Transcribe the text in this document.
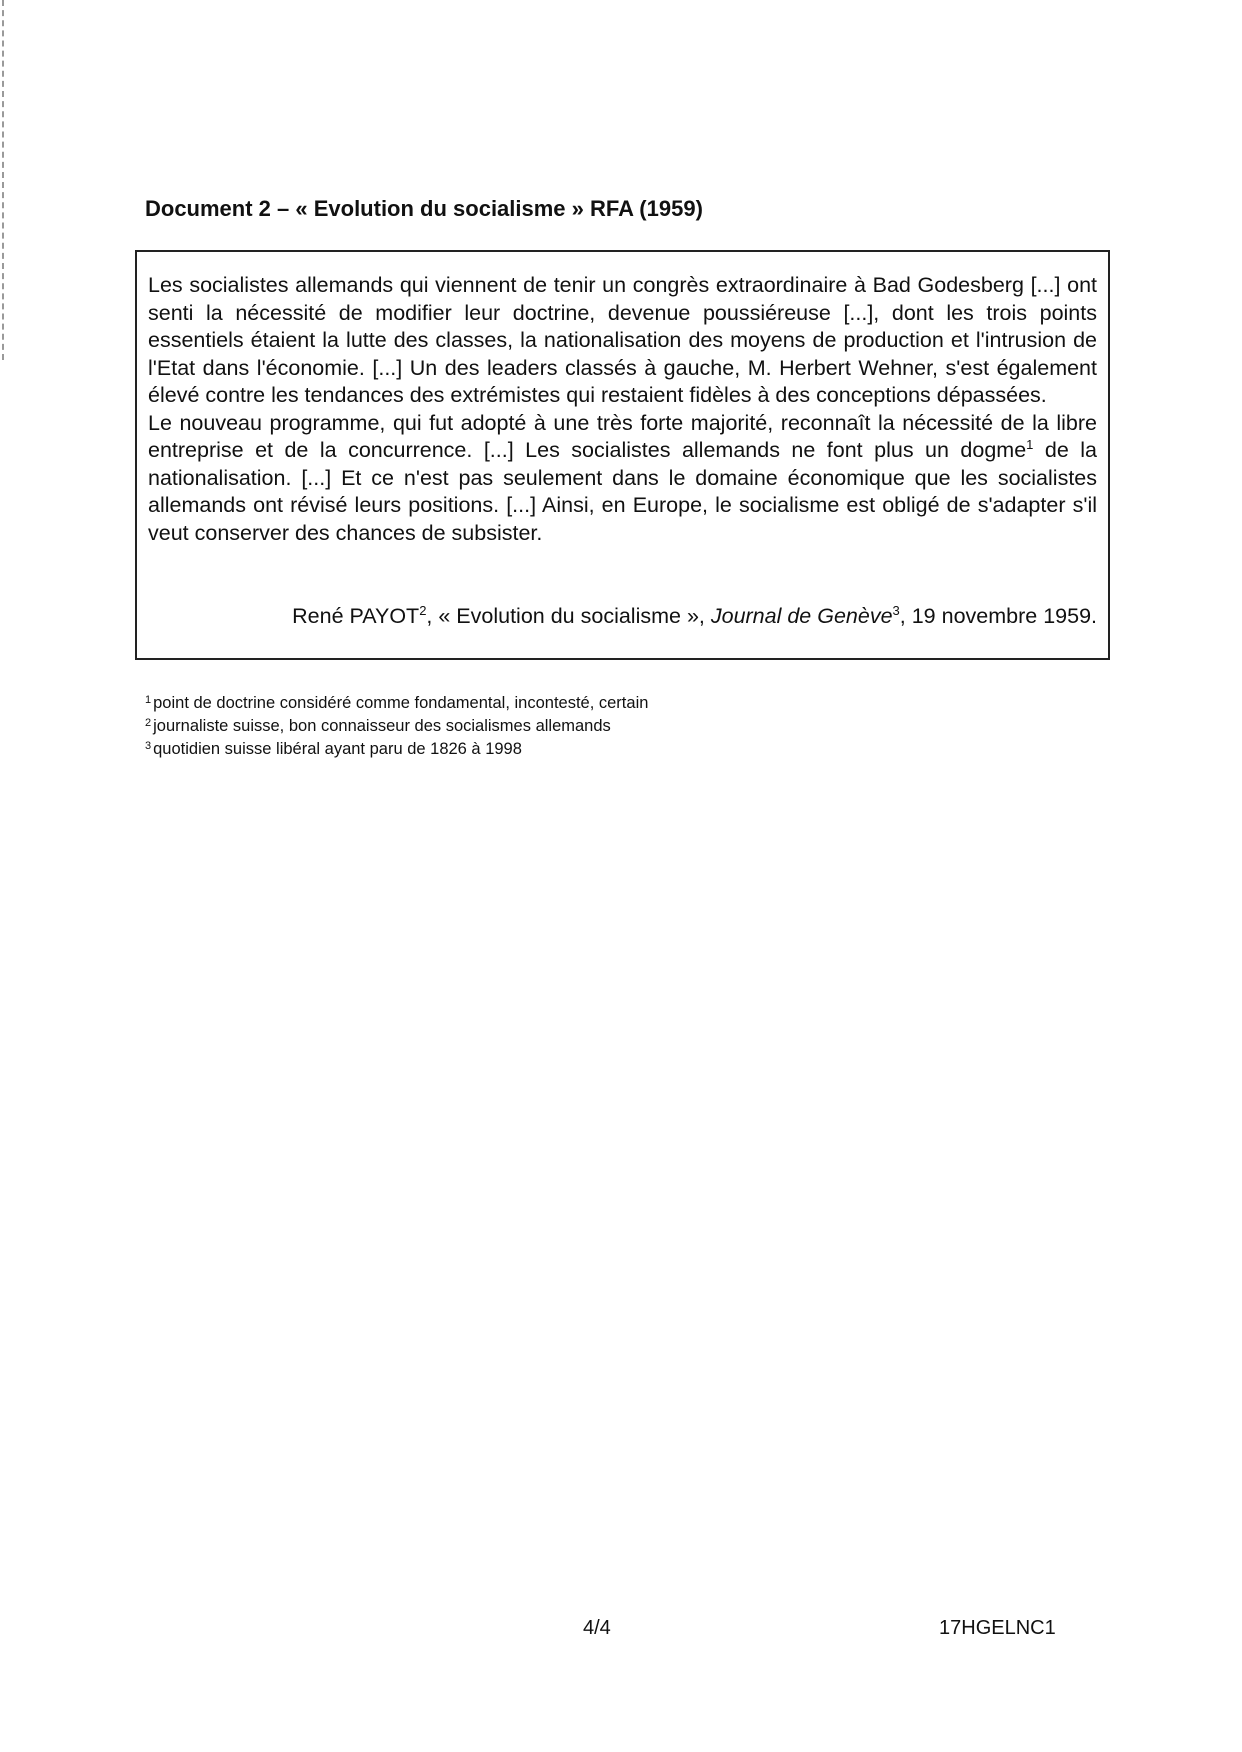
Document 2 – « Evolution du socialisme » RFA (1959)

Les socialistes allemands qui viennent de tenir un congrès extraordinaire à Bad Godesberg [...] ont senti la nécessité de modifier leur doctrine, devenue poussiéreuse [...], dont les trois points essentiels étaient la lutte des classes, la nationalisation des moyens de production et l'intrusion de l'Etat dans l'économie. [...] Un des leaders classés à gauche, M. Herbert Wehner, s'est également élevé contre les tendances des extrémistes qui restaient fidèles à des conceptions dépassées.

Le nouveau programme, qui fut adopté à une très forte majorité, reconnaît la nécessité de la libre entreprise et de la concurrence. [...] Les socialistes allemands ne font plus un dogme$^1$ de la nationalisation. [...] Et ce n'est pas seulement dans le domaine économique que les socialistes allemands ont révisé leurs positions. [...] Ainsi, en Europe, le socialisme est obligé de s'adapter s'il veut conserver des chances de subsister.

René PAYOT$^2$, « Evolution du socialisme », Journal de Genève$^3$, 19 novembre 1959.
$^1$ point de doctrine considéré comme fondamental, incontesté, certain
$^2$ journaliste suisse, bon connaisseur des socialismes allemands
$^3$ quotidien suisse libéral ayant paru de 1826 à 1998
4/4	17HGELNC1
